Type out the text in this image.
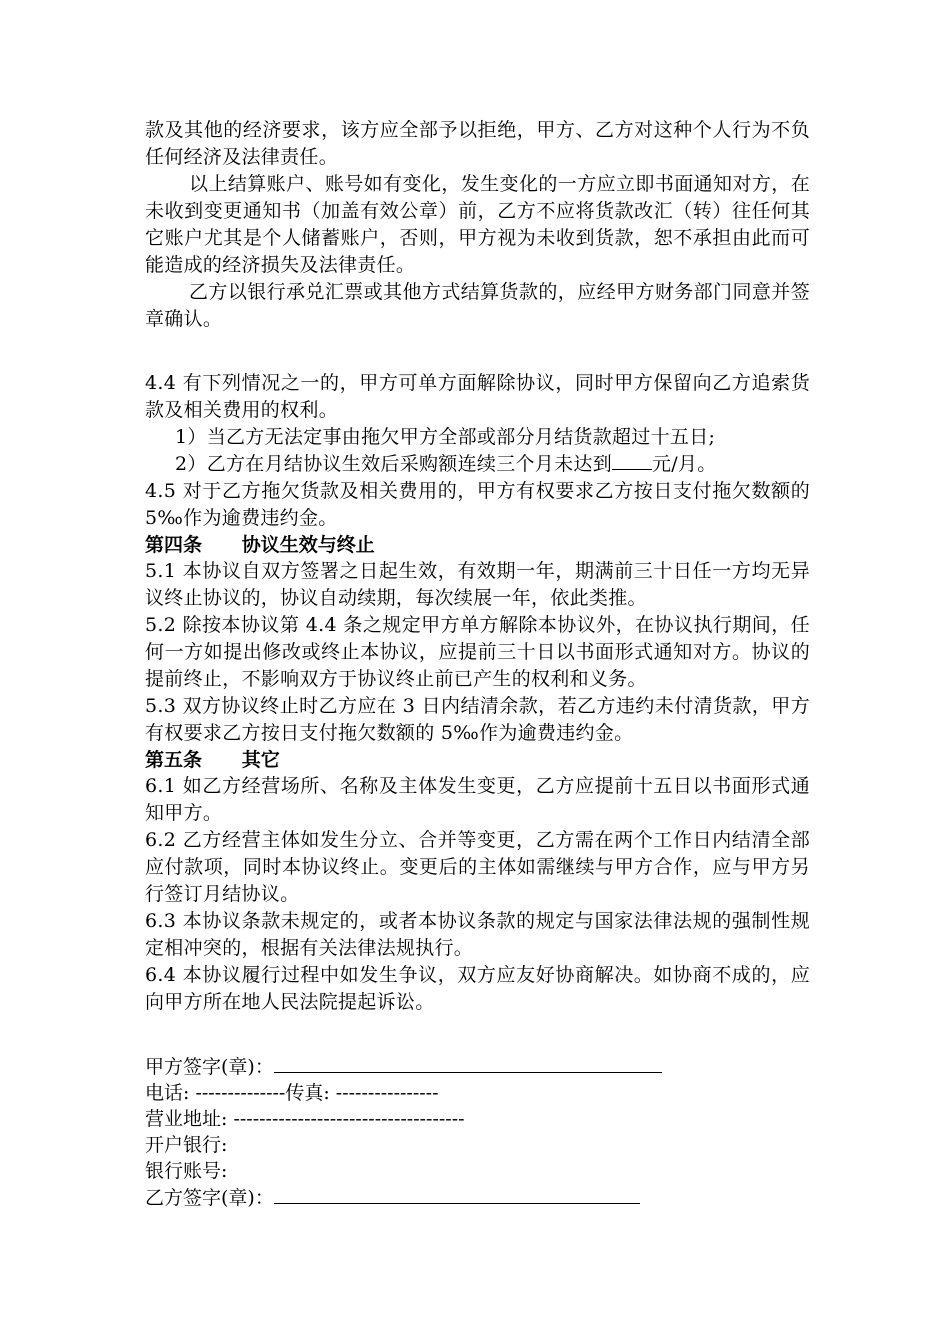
款及其他的经济要求，该方应全部予以拒绝，甲方、乙方对这种个人行为不负任何经济及法律责任。
以上结算账户、账号如有变化，发生变化的一方应立即书面通知对方，在未收到变更通知书（加盖有效公章）前，乙方不应将货款改汇（转）往任何其它账户尤其是个人储蓄账户，否则，甲方视为未收到货款，恕不承担由此而可能造成的经济损失及法律责任。
乙方以银行承兑汇票或其他方式结算货款的，应经甲方财务部门同意并签章确认。
4.4 有下列情况之一的，甲方可单方面解除协议，同时甲方保留向乙方追索货款及相关费用的权利。
1）当乙方无法定事由拖欠甲方全部或部分月结货款超过十五日;
2）乙方在月结协议生效后采购额连续三个月未达到 元/月。
4.5 对于乙方拖欠货款及相关费用的，甲方有权要求乙方按日支付拖欠数额的 5‰作为逾费违约金。
第四条      协议生效与终止
5.1 本协议自双方签署之日起生效，有效期一年，期满前三十日任一方均无异议终止协议的，协议自动续期，每次续展一年，依此类推。
5.2 除按本协议第 4.4 条之规定甲方单方解除本协议外，在协议执行期间，任何一方如提出修改或终止本协议，应提前三十日以书面形式通知对方。协议的提前终止，不影响双方于协议终止前已产生的权利和义务。
5.3 双方协议终止时乙方应在 3 日内结清余款，若乙方违约未付清货款，甲方有权要求乙方按日支付拖欠数额的 5‰作为逾费违约金。
第五条      其它
6.1 如乙方经营场所、名称及主体发生变更，乙方应提前十五日以书面形式通知甲方。
6.2 乙方经营主体如发生分立、合并等变更，乙方需在两个工作日内结清全部应付款项，同时本协议终止。变更后的主体如需继续与甲方合作，应与甲方另行签订月结协议。
6.3 本协议条款未规定的，或者本协议条款的规定与国家法律法规的强制性规定相冲突的，根据有关法律法规执行。
6.4 本协议履行过程中如发生争议，双方应友好协商解决。如协商不成的，应向甲方所在地人民法院提起诉讼。
甲方签字(章)：
电话: --------------传真: ----------------
营业地址: ------------------------------------
开户银行:
银行账号:
乙方签字(章)：
